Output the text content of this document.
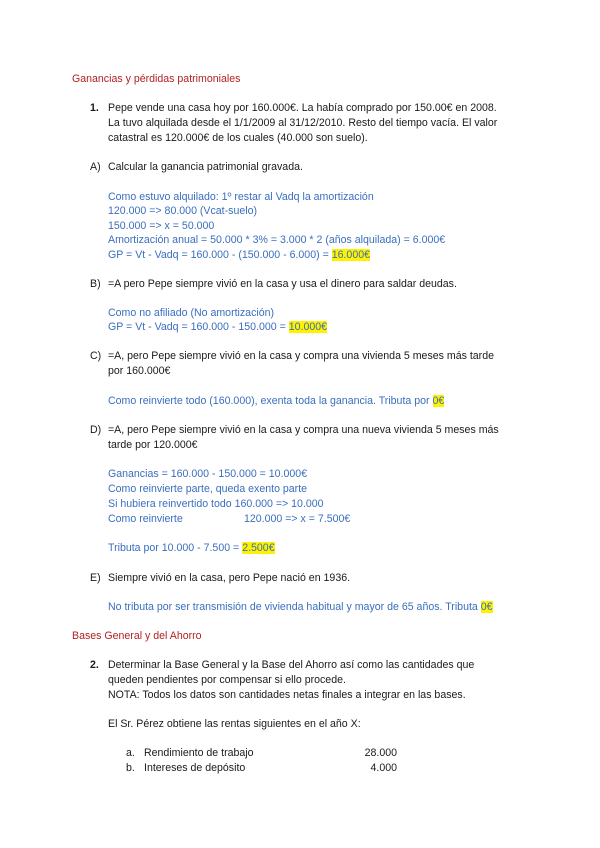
Ganancias y pérdidas patrimoniales
1. Pepe vende una casa hoy por 160.000€. La había comprado por 150.00€ en 2008.
La tuvo alquilada desde el 1/1/2009 al 31/12/2010. Resto del tiempo vacía. El valor
catastral es 120.000€ de los cuales (40.000 son suelo).
A) Calcular la ganancia patrimonial gravada.
Como estuvo alquilado: 1º restar al Vadq la amortización
120.000 => 80.000 (Vcat-suelo)
150.000 => x = 50.000
Amortización anual = 50.000 * 3% = 3.000 * 2 (años alquilada) = 6.000€
GP = Vt - Vadq = 160.000 - (150.000 - 6.000) = 16.000€
B) =A pero Pepe siempre vivió en la casa y usa el dinero para saldar deudas.
Como no afiliado (No amortización)
GP = Vt - Vadq = 160.000 - 150.000 = 10.000€
C) =A, pero Pepe siempre vivió en la casa y compra una vivienda 5 meses más tarde
por 160.000€
Como reinvierte todo (160.000), exenta toda la ganancia. Tributa por 0€
D) =A, pero Pepe siempre vivió en la casa y compra una nueva vivienda 5 meses más
tarde por 120.000€
Ganancias = 160.000 - 150.000 = 10.000€
Como reinvierte parte, queda exento parte
Si hubiera reinvertido todo 160.000 => 10.000
Como reinvierte	120.000 => x = 7.500€
Tributa por 10.000 - 7.500 = 2.500€
E) Siempre vivió en la casa, pero Pepe nació en 1936.
No tributa por ser transmisión de vivienda habitual y mayor de 65 años. Tributa 0€
Bases General y del Ahorro
2. Determinar la Base General y la Base del Ahorro así como las cantidades que
queden pendientes por compensar si ello procede.
NOTA: Todos los datos son cantidades netas finales a integrar en las bases.
El Sr. Pérez obtiene las rentas siguientes en el año X:
a. Rendimiento de trabajo	28.000
b. Intereses de depósito	4.000
